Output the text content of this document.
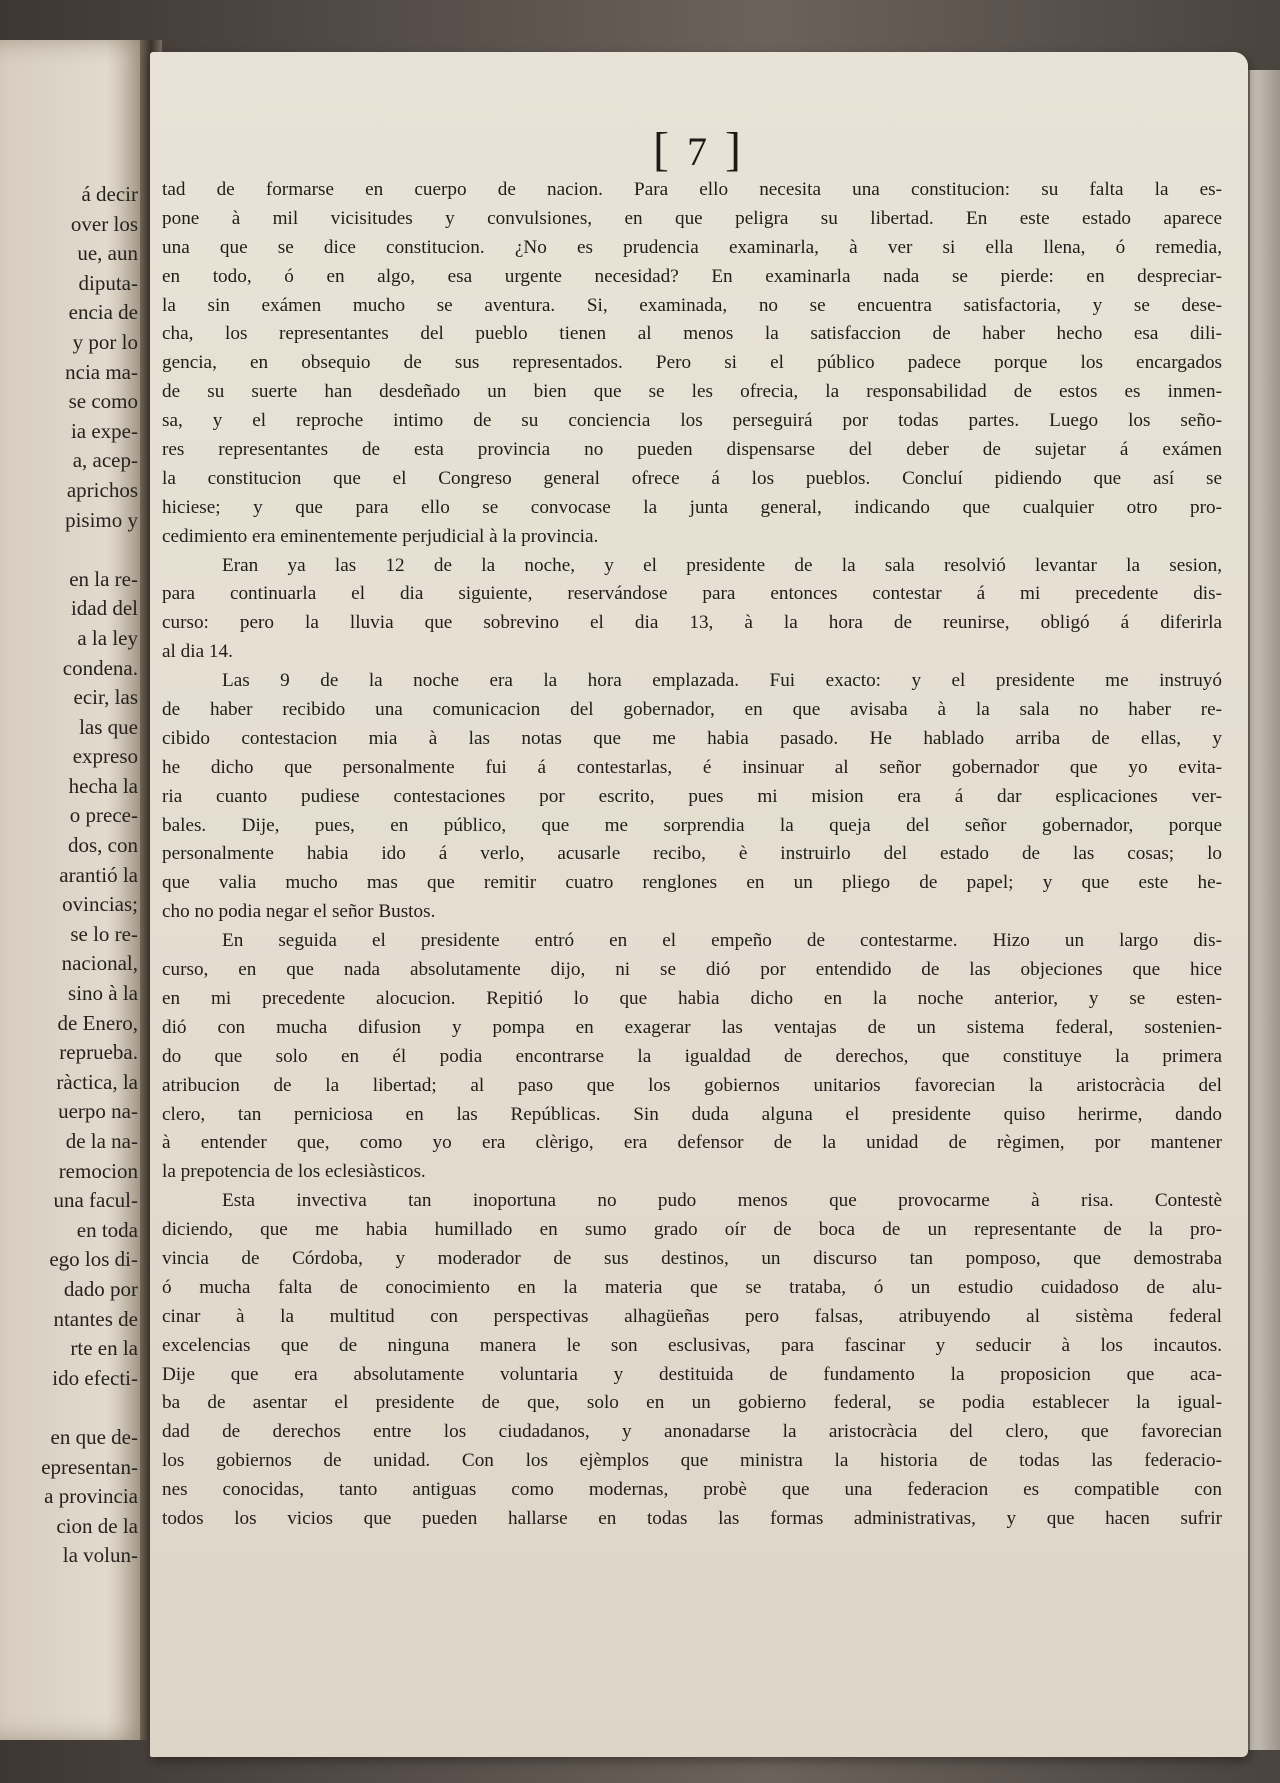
á decir
over los
ue, aun
diputa-
encia de
y por lo
ncia ma-
se como
ia expe-
a, acep-
aprichos
pisimo y
en la re-
idad del
a la ley
condena.
ecir, las
las que
expreso
hecha la
o prece-
dos, con
arantió la
ovincias;
se lo re-
nacional,
sino à la
de Enero,
reprueba.
ràctica, la
uerpo na-
de la na-
remocion
una facul-
en toda
ego los di-
dado por
ntantes de
rte en la
ido efecti-
en que de-
epresentan-
a provincia
cion de la
la volun-
[ 7 ]
tad de formarse en cuerpo de nacion. Para ello necesita una constitucion: su falta la es-
pone à mil vicisitudes y convulsiones, en que peligra su libertad. En este estado aparece
una que se dice constitucion. ¿No es prudencia examinarla, à ver si ella llena, ó remedia,
en todo, ó en algo, esa urgente necesidad? En examinarla nada se pierde: en despreciar-
la sin exámen mucho se aventura. Si, examinada, no se encuentra satisfactoria, y se dese-
cha, los representantes del pueblo tienen al menos la satisfaccion de haber hecho esa dili-
gencia, en obsequio de sus representados. Pero si el público padece porque los encargados
de su suerte han desdeñado un bien que se les ofrecia, la responsabilidad de estos es inmen-
sa, y el reproche intimo de su conciencia los perseguirá por todas partes. Luego los seño-
res representantes de esta provincia no pueden dispensarse del deber de sujetar á exámen
la constitucion que el Congreso general ofrece á los pueblos. Concluí pidiendo que así se
hiciese; y que para ello se convocase la junta general, indicando que cualquier otro pro-
cedimiento era eminentemente perjudicial à la provincia.
Eran ya las 12 de la noche, y el presidente de la sala resolvió levantar la sesion,
para continuarla el dia siguiente, reservándose para entonces contestar á mi precedente dis-
curso: pero la lluvia que sobrevino el dia 13, à la hora de reunirse, obligó á diferirla
al dia 14.
Las 9 de la noche era la hora emplazada. Fui exacto: y el presidente me instruyó
de haber recibido una comunicacion del gobernador, en que avisaba à la sala no haber re-
cibido contestacion mia à las notas que me habia pasado. He hablado arriba de ellas, y
he dicho que personalmente fui á contestarlas, é insinuar al señor gobernador que yo evita-
ria cuanto pudiese contestaciones por escrito, pues mi mision era á dar esplicaciones ver-
bales. Dije, pues, en público, que me sorprendia la queja del señor gobernador, porque
personalmente habia ido á verlo, acusarle recibo, è instruirlo del estado de las cosas; lo
que valia mucho mas que remitir cuatro renglones en un pliego de papel; y que este he-
cho no podia negar el señor Bustos.
En seguida el presidente entró en el empeño de contestarme. Hizo un largo dis-
curso, en que nada absolutamente dijo, ni se dió por entendido de las objeciones que hice
en mi precedente alocucion. Repitió lo que habia dicho en la noche anterior, y se esten-
dió con mucha difusion y pompa en exagerar las ventajas de un sistema federal, sostenien-
do que solo en él podia encontrarse la igualdad de derechos, que constituye la primera
atribucion de la libertad; al paso que los gobiernos unitarios favorecian la aristocràcia del
clero, tan perniciosa en las Repúblicas. Sin duda alguna el presidente quiso herirme, dando
à entender que, como yo era clèrigo, era defensor de la unidad de règimen, por mantener
la prepotencia de los eclesiàsticos.
Esta invectiva tan inoportuna no pudo menos que provocarme à risa. Contestè
diciendo, que me habia humillado en sumo grado oír de boca de un representante de la pro-
vincia de Córdoba, y moderador de sus destinos, un discurso tan pomposo, que demostraba
ó mucha falta de conocimiento en la materia que se trataba, ó un estudio cuidadoso de alu-
cinar à la multitud con perspectivas alhagüeñas pero falsas, atribuyendo al sistèma federal
excelencias que de ninguna manera le son esclusivas, para fascinar y seducir à los incautos.
Dije que era absolutamente voluntaria y destituida de fundamento la proposicion que aca-
ba de asentar el presidente de que, solo en un gobierno federal, se podia establecer la igual-
dad de derechos entre los ciudadanos, y anonadarse la aristocràcia del clero, que favorecian
los gobiernos de unidad. Con los ejèmplos que ministra la historia de todas las federacio-
nes conocidas, tanto antiguas como modernas, probè que una federacion es compatible con
todos los vicios que pueden hallarse en todas las formas administrativas, y que hacen sufrir
